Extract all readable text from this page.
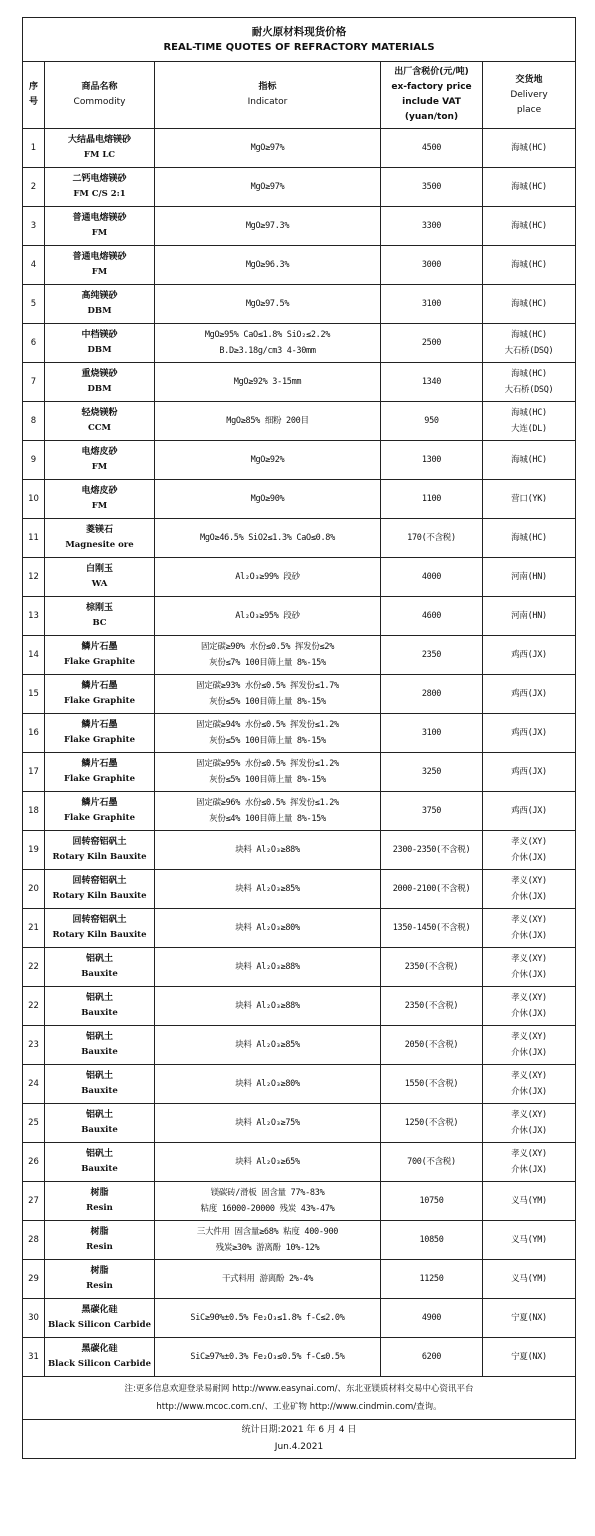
耐火原材料现货价格
REAL-TIME QUOTES OF REFRACTORY MATERIALS				

序
号	商品名称
Commodity	指标
Indicator	出厂含税价(元/吨)
ex-factory price
include VAT
(yuan/ton)	交货地
Delivery
place

1	大结晶电熔镁砂
FM LC	MgO≥97%	4500	海城(HC)

2	二钙电熔镁砂
FM C/S 2:1	MgO≥97%	3500	海城(HC)

3	普通电熔镁砂
FM	MgO≥97.3%	3300	海城(HC)

4	普通电熔镁砂
FM	MgO≥96.3%	3000	海城(HC)

5	高纯镁砂
DBM	MgO≥97.5%	3100	海城(HC)

6	中档镁砂
DBM	MgO≥95% CaO≤1.8% SiO₂≤2.2%
B.D≥3.18g/cm3 4-30mm	2500	海城(HC)
大石桥(DSQ)

7	重烧镁砂
DBM	MgO≥92% 3-15mm	1340	海城(HC)
大石桥(DSQ)

8	轻烧镁粉
CCM	MgO≥85% 细粉 200目	950	海城(HC)
大连(DL)

9	电熔皮砂
FM	MgO≥92%	1300	海城(HC)

10	电熔皮砂
FM	MgO≥90%	1100	营口(YK)

11	菱镁石
Magnesite ore	MgO≥46.5% SiO2≤1.3% CaO≤0.8%	170(不含税)	海城(HC)

12	白刚玉
WA	Al₂O₃≥99% 段砂	4000	河南(HN)

13	棕刚玉
BC	Al₂O₃≥95% 段砂	4600	河南(HN)

14	鳞片石墨
Flake Graphite	固定碳≥90% 水份≤0.5% 挥发份≤2%
灰份≤7% 100目筛上量 8%-15%	2350	鸡西(JX)

15	鳞片石墨
Flake Graphite	固定碳≥93% 水份≤0.5% 挥发份≤1.7%
灰份≤5% 100目筛上量 8%-15%	2800	鸡西(JX)

16	鳞片石墨
Flake Graphite	固定碳≥94% 水份≤0.5% 挥发份≤1.2%
灰份≤5% 100目筛上量 8%-15%	3100	鸡西(JX)

17	鳞片石墨
Flake Graphite	固定碳≥95% 水份≤0.5% 挥发份≤1.2%
灰份≤5% 100目筛上量 8%-15%	3250	鸡西(JX)

18	鳞片石墨
Flake Graphite	固定碳≥96% 水份≤0.5% 挥发份≤1.2%
灰份≤4% 100目筛上量 8%-15%	3750	鸡西(JX)

19	回转窑铝矾土
Rotary Kiln Bauxite	块料 Al₂O₃≥88%	2300-2350(不含税)	孝义(XY)
介休(JX)

20	回转窑铝矾土
Rotary Kiln Bauxite	块料 Al₂O₃≥85%	2000-2100(不含税)	孝义(XY)
介休(JX)

21	回转窑铝矾土
Rotary Kiln Bauxite	块料 Al₂O₃≥80%	1350-1450(不含税)	孝义(XY)
介休(JX)

22	铝矾土
Bauxite	块料 Al₂O₃≥88%	2350(不含税)	孝义(XY)
介休(JX)

22	铝矾土
Bauxite	块料 Al₂O₃≥88%	2350(不含税)	孝义(XY)
介休(JX)

23	铝矾土
Bauxite	块料 Al₂O₃≥85%	2050(不含税)	孝义(XY)
介休(JX)

24	铝矾土
Bauxite	块料 Al₂O₃≥80%	1550(不含税)	孝义(XY)
介休(JX)

25	铝矾土
Bauxite	块料 Al₂O₃≥75%	1250(不含税)	孝义(XY)
介休(JX)

26	铝矾土
Bauxite	块料 Al₂O₃≥65%	700(不含税)	孝义(XY)
介休(JX)

27	树脂
Resin	镁碳砖/滑板 固含量 77%-83%
粘度 16000-20000 残炭 43%-47%	10750	义马(YM)

28	树脂
Resin	三大件用 固含量≥68% 粘度 400-900
残炭≥30% 游离酚 10%-12%	10850	义马(YM)

29	树脂
Resin	干式料用 游离酚 2%-4%	11250	义马(YM)

30	黑碳化硅
Black Silicon Carbide	SiC≥90%±0.5% Fe₂O₃≤1.8% f-C≤2.0%	4900	宁夏(NX)

31	黑碳化硅
Black Silicon Carbide	SiC≥97%±0.3% Fe₂O₃≤0.5% f-C≤0.5%	6200	宁夏(NX)

注:更多信息欢迎登录易耐网 http://www.easynai.com/、东北亚镁质材料交易中心资讯平台
http://www.mcoc.com.cn/、工业矿物 http://www.cindmin.com/查询。				

统计日期:2021 年 6 月 4 日
Jun.4.2021				
